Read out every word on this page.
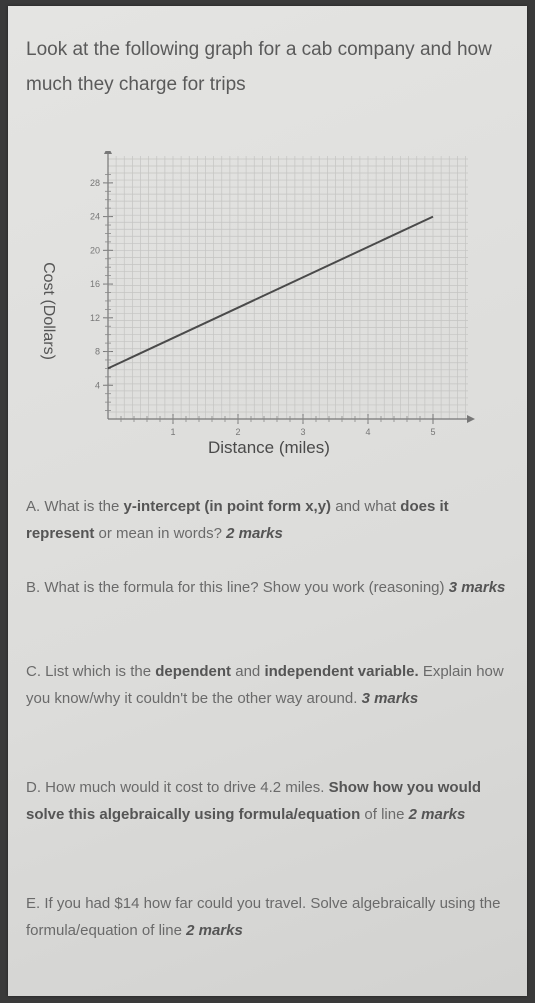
Look at the following graph for a cab company and how much they charge for trips
4
8
12
16
20
24
28
1	2	3	4	5
Cost (Dollars)
Distance (miles)
A. What is the y-intercept (in point form x,y) and what does it represent or mean in words? 2 marks
B. What is the formula for this line? Show you work (reasoning) 3 marks
C. List which is the dependent and independent variable. Explain how you know/why it couldn't be the other way around. 3 marks
D. How much would it cost to drive 4.2 miles. Show how you would solve this algebraically using formula/equation of line 2 marks
E. If you had $14 how far could you travel. Solve algebraically using the formula/equation of line 2 marks
